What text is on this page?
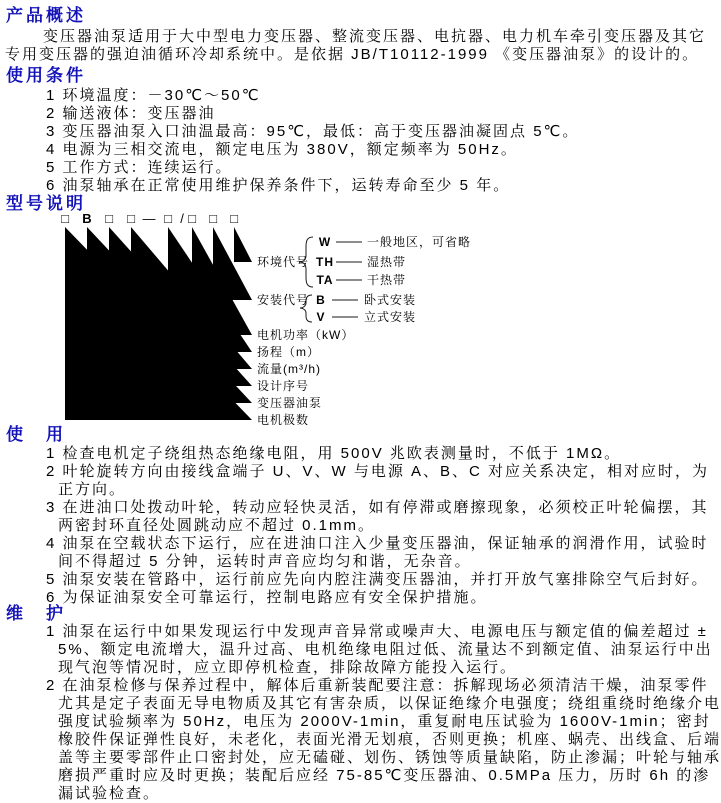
产品概述

变压器油泵适用于大中型电力变压器、整流变压器、电抗器、电力机车牵引变压器及其它专用变压器的强迫油循环冷却系统中。是依据 JB/T10112-1999 《变压器油泵》的设计的。

使用条件
1 环境温度：－30℃～50℃
2 输送液体：变压器油
3 变压器油泵入口油温最高：95℃，最低：高于变压器油凝固点 5℃。
4 电源为三相交流电，额定电压为 380V，额定频率为 50Hz。
5 工作方式：连续运行。
6 油泵轴承在正常使用维护保养条件下，运转寿命至少 5 年。
型号说明
□ B □ □ — □ / □ □ □
环境代号
W	一般地区，可省略
TH	湿热带
TA	干热带
安装代号 B	卧式安装
V	立式安装
电机功率（kW）
扬程（m）
流量(m³/h)
设计序号
变压器油泵
电机极数
使　用
1 检查电机定子绕组热态绝缘电阻，用 500V 兆欧表测量时，不低于 1MΩ。
2 叶轮旋转方向由接线盒端子 U、V、W 与电源 A、B、C 对应关系决定，相对应时，为正方向。
3 在进油口处拨动叶轮，转动应轻快灵活，如有停滞或磨擦现象，必须校正叶轮偏摆，其两密封环直径处圆跳动应不超过 0.1mm。
4 油泵在空载状态下运行，应在进油口注入少量变压器油，保证轴承的润滑作用，试验时间不得超过 5 分钟，运转时声音应均匀和谐，无杂音。
5 油泵安装在管路中，运行前应先向内腔注满变压器油，并打开放气塞排除空气后封好。
6 为保证油泵安全可靠运行，控制电路应有安全保护措施。
维　护
1 油泵在运行中如果发现运行中发现声音异常或噪声大、电源电压与额定值的偏差超过 ± 5%、额定电流增大，温升过高、电机绝缘电阻过低、流量达不到额定值、油泵运行中出现气泡等情况时，应立即停机检查，排除故障方能投入运行。
2 在油泵检修与保养过程中，解体后重新装配要注意：拆解现场必须清洁干燥，油泵零件尤其是定子表面无导电物质及其它有害杂质，以保证绝缘介电强度；绕组重绕时绝缘介电强度试验频率为 50Hz，电压为 2000V-1min，重复耐电压试验为 1600V-1min；密封橡胶件保证弹性良好，未老化，表面光滑无划痕，否则更换；机座、蜗壳、出线盒、后端盖等主要零部件止口密封处，应无磕碰、划伤、锈蚀等质量缺陷，防止渗漏；叶轮与轴承磨损严重时应及时更换；装配后应经 75-85℃变压器油、0.5MPa 压力，历时 6h 的渗漏试验检查。
